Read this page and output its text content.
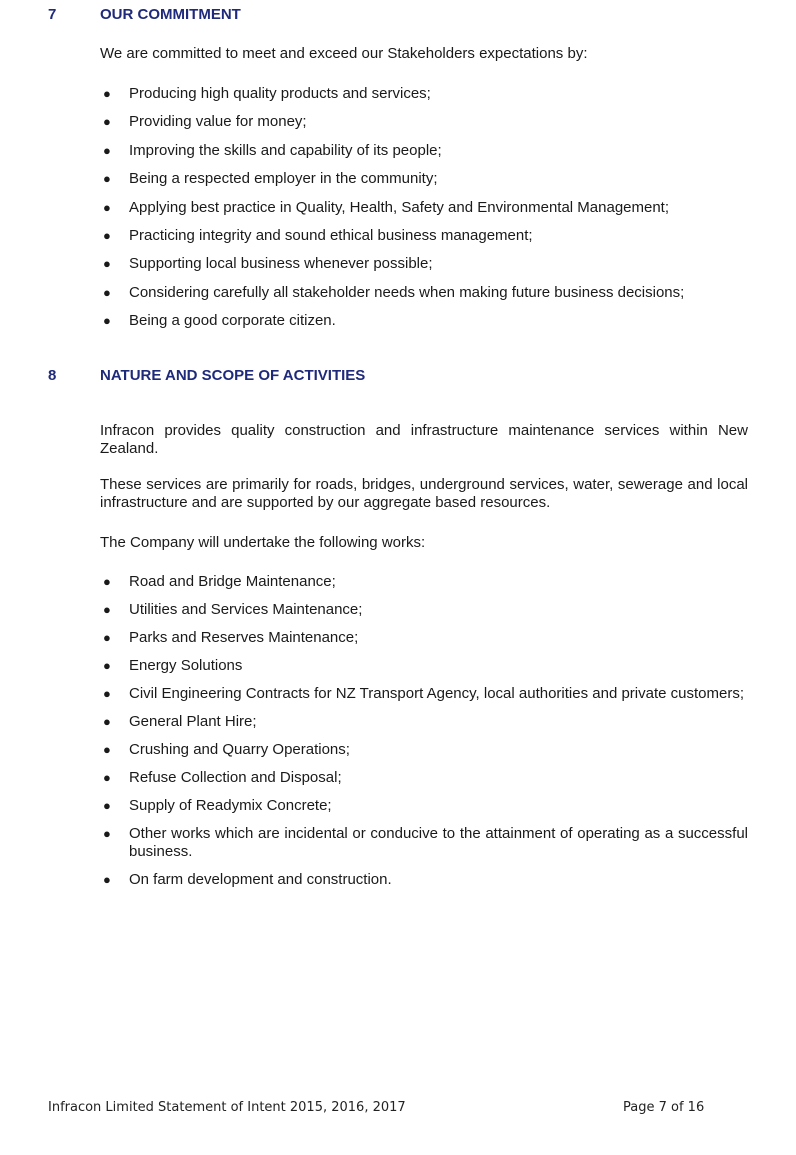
7	OUR COMMITMENT
We are committed to meet and exceed our Stakeholders expectations by:
● Producing high quality products and services;
● Providing value for money;
● Improving the skills and capability of its people;
● Being a respected employer in the community;
● Applying best practice in Quality, Health, Safety and Environmental Management;
● Practicing integrity and sound ethical business management;
● Supporting local business whenever possible;
● Considering carefully all stakeholder needs when making future business decisions;
● Being a good corporate citizen.
8	NATURE AND SCOPE OF ACTIVITIES
Infracon provides quality construction and infrastructure maintenance services within New Zealand.
These services are primarily for roads, bridges, underground services, water, sewerage and local infrastructure and are supported by our aggregate based resources.
The Company will undertake the following works:
● Road and Bridge Maintenance;
● Utilities and Services Maintenance;
● Parks and Reserves Maintenance;
● Energy Solutions
● Civil Engineering Contracts for NZ Transport Agency, local authorities and private customers;
● General Plant Hire;
● Crushing and Quarry Operations;
● Refuse Collection and Disposal;
● Supply of Readymix Concrete;
● Other works which are incidental or conducive to the attainment of operating as a successful business.
● On farm development and construction.
Infracon Limited Statement of Intent 2015, 2016, 2017	Page 7 of 16
